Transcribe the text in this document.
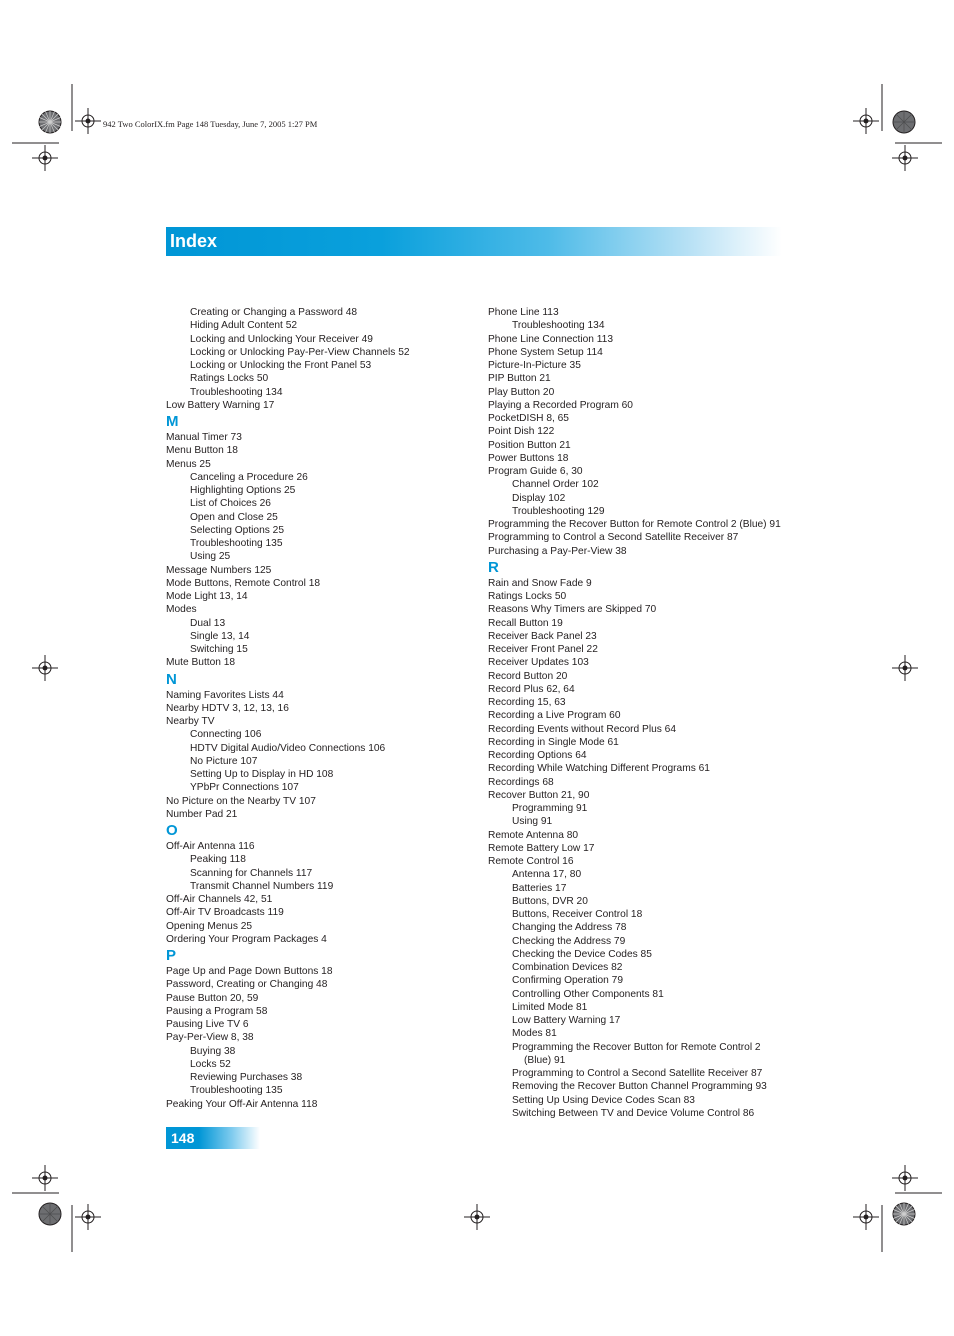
942 Two ColorIX.fm Page 148 Tuesday, June 7, 2005 1:27 PM
Index
Creating or Changing a Password 48
Hiding Adult Content 52
Locking and Unlocking Your Receiver 49
Locking or Unlocking Pay-Per-View Channels 52
Locking or Unlocking the Front Panel 53
Ratings Locks 50
Troubleshooting 134
Low Battery Warning 17
M
Manual Timer 73
Menu Button 18
Menus 25
Canceling a Procedure 26
Highlighting Options 25
List of Choices 26
Open and Close 25
Selecting Options 25
Troubleshooting 135
Using 25
Message Numbers 125
Mode Buttons, Remote Control 18
Mode Light 13, 14
Modes
Dual 13
Single 13, 14
Switching 15
Mute Button 18
N
Naming Favorites Lists 44
Nearby HDTV 3, 12, 13, 16
Nearby TV
Connecting 106
HDTV Digital Audio/Video Connections 106
No Picture 107
Setting Up to Display in HD 108
YPbPr Connections 107
No Picture on the Nearby TV 107
Number Pad 21
O
Off-Air Antenna 116
Peaking 118
Scanning for Channels 117
Transmit Channel Numbers 119
Off-Air Channels 42, 51
Off-Air TV Broadcasts 119
Opening Menus 25
Ordering Your Program Packages 4
P
Page Up and Page Down Buttons 18
Password, Creating or Changing 48
Pause Button 20, 59
Pausing a Program 58
Pausing Live TV 6
Pay-Per-View 8, 38
Buying 38
Locks 52
Reviewing Purchases 38
Troubleshooting 135
Peaking Your Off-Air Antenna 118
Phone Line 113
Troubleshooting 134
Phone Line Connection 113
Phone System Setup 114
Picture-In-Picture 35
PIP Button 21
Play Button 20
Playing a Recorded Program 60
PocketDISH 8, 65
Point Dish 122
Position Button 21
Power Buttons 18
Program Guide 6, 30
Channel Order 102
Display 102
Troubleshooting 129
Programming the Recover Button for Remote Control 2 (Blue) 91
Programming to Control a Second Satellite Receiver 87
Purchasing a Pay-Per-View 38
R
Rain and Snow Fade 9
Ratings Locks 50
Reasons Why Timers are Skipped 70
Recall Button 19
Receiver Back Panel 23
Receiver Front Panel 22
Receiver Updates 103
Record Button 20
Record Plus 62, 64
Recording 15, 63
Recording a Live Program 60
Recording Events without Record Plus 64
Recording in Single Mode 61
Recording Options 64
Recording While Watching Different Programs 61
Recordings 68
Recover Button 21, 90
Programming 91
Using 91
Remote Antenna 80
Remote Battery Low 17
Remote Control 16
Antenna 17, 80
Batteries 17
Buttons, DVR 20
Buttons, Receiver Control 18
Changing the Address 78
Checking the Address 79
Checking the Device Codes 85
Combination Devices 82
Confirming Operation 79
Controlling Other Components 81
Limited Mode 81
Low Battery Warning 17
Modes 81
Programming the Recover Button for Remote Control 2
(Blue) 91
Programming to Control a Second Satellite Receiver 87
Removing the Recover Button Channel Programming 93
Setting Up Using Device Codes Scan 83
Switching Between TV and Device Volume Control 86
148
